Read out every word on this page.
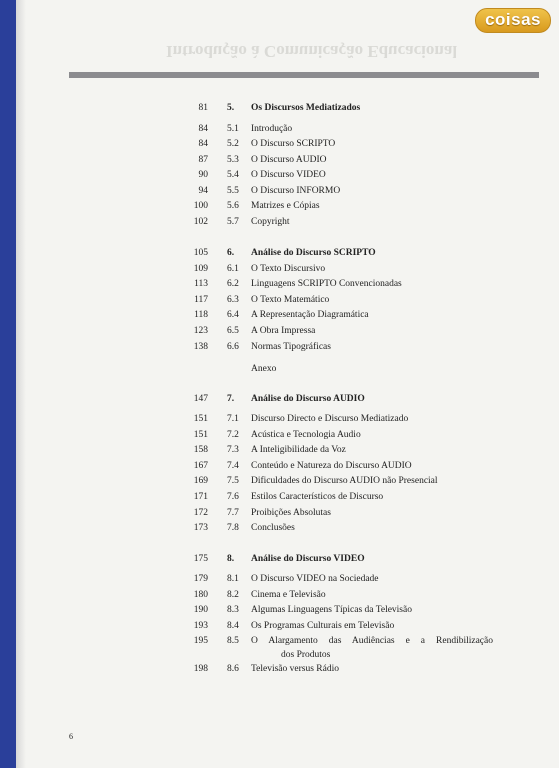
coisas
Introdução à Comunicação Educacional
81 5. Os Discursos Mediatizados
84 5.1 Introdução
84 5.2 O Discurso SCRIPTO
87 5.3 O Discurso AUDIO
90 5.4 O Discurso VIDEO
94 5.5 O Discurso INFORMO
100 5.6 Matrizes e Cópias
102 5.7 Copyright
105 6. Análise do Discurso SCRIPTO
109 6.1 O Texto Discursivo
113 6.2 Linguagens SCRIPTO Convencionadas
117 6.3 O Texto Matemático
118 6.4 A Representação Diagramática
123 6.5 A Obra Impressa
138 6.6 Normas Tipográficas
Anexo
147 7. Análise do Discurso AUDIO
151 7.1 Discurso Directo e Discurso Mediatizado
151 7.2 Acústica e Tecnologia Audio
158 7.3 A Inteligibilidade da Voz
167 7.4 Conteúdo e Natureza do Discurso AUDIO
169 7.5 Dificuldades do Discurso AUDIO não Presencial
171 7.6 Estilos Característicos de Discurso
172 7.7 Proibições Absolutas
173 7.8 Conclusões
175 8. Análise do Discurso VIDEO
179 8.1 O Discurso VIDEO na Sociedade
180 8.2 Cinema e Televisão
190 8.3 Algumas Linguagens Típicas da Televisão
193 8.4 Os Programas Culturais em Televisão
195 8.5 O Alargamento das Audiências e a Rendibilização
dos Produtos
198 8.6 Televisão versus Rádio
6
